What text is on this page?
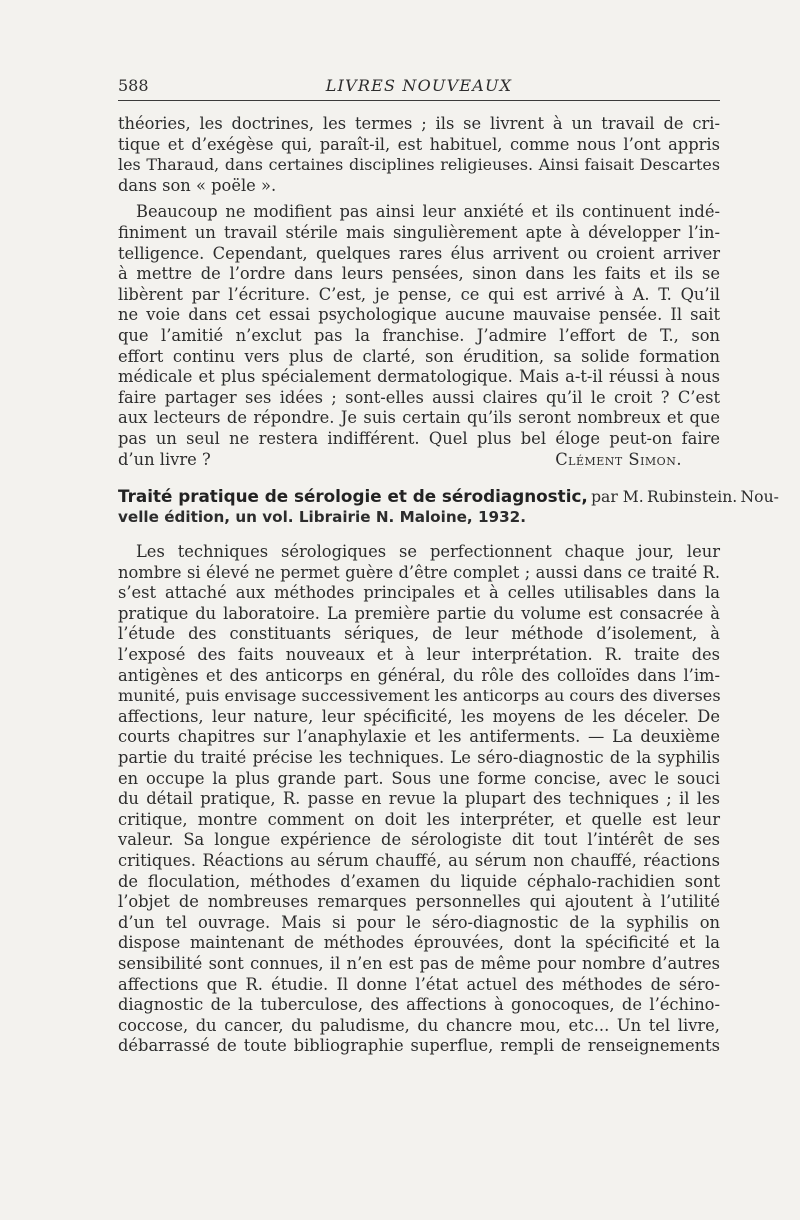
588	LIVRES NOUVEAUX
théories, les doctrines, les termes ; ils se livrent à un travail de cri-
tique et d’exégèse qui, paraît-il, est habituel, comme nous l’ont appris
les Tharaud, dans certaines disciplines religieuses. Ainsi faisait Descartes
dans son « poële ».
Beaucoup ne modifient pas ainsi leur anxiété et ils continuent indé-
finiment un travail stérile mais singulièrement apte à développer l’in-
telligence. Cependant, quelques rares élus arrivent ou croient arriver
à mettre de l’ordre dans leurs pensées, sinon dans les faits et ils se
libèrent par l’écriture. C’est, je pense, ce qui est arrivé à A. T. Qu’il
ne voie dans cet essai psychologique aucune mauvaise pensée. Il sait
que l’amitié n’exclut pas la franchise. J’admire l’effort de T., son
effort continu vers plus de clarté, son érudition, sa solide formation
médicale et plus spécialement dermatologique. Mais a-t-il réussi à nous
faire partager ses idées ; sont-elles aussi claires qu’il le croit ? C’est
aux lecteurs de répondre. Je suis certain qu’ils seront nombreux et que
pas un seul ne restera indifférent. Quel plus bel éloge peut-on faire
d’un livre ?	Clément Simon.
Traité pratique de sérologie et de sérodiagnostic, par M. Rubinstein. Nou-
velle édition, un vol. Librairie N. Maloine, 1932.
Les techniques sérologiques se perfectionnent chaque jour, leur
nombre si élevé ne permet guère d’être complet ; aussi dans ce traité R.
s’est attaché aux méthodes principales et à celles utilisables dans la
pratique du laboratoire. La première partie du volume est consacrée à
l’étude des constituants sériques, de leur méthode d’isolement, à
l’exposé des faits nouveaux et à leur interprétation. R. traite des
antigènes et des anticorps en général, du rôle des colloïdes dans l’im-
munité, puis envisage successivement les anticorps au cours des diverses
affections, leur nature, leur spécificité, les moyens de les déceler. De
courts chapitres sur l’anaphylaxie et les antiferments. — La deuxième
partie du traité précise les techniques. Le séro-diagnostic de la syphilis
en occupe la plus grande part. Sous une forme concise, avec le souci
du détail pratique, R. passe en revue la plupart des techniques ; il les
critique, montre comment on doit les interpréter, et quelle est leur
valeur. Sa longue expérience de sérologiste dit tout l’intérêt de ses
critiques. Réactions au sérum chauffé, au sérum non chauffé, réactions
de floculation, méthodes d’examen du liquide céphalo-rachidien sont
l’objet de nombreuses remarques personnelles qui ajoutent à l’utilité
d’un tel ouvrage. Mais si pour le séro-diagnostic de la syphilis on
dispose maintenant de méthodes éprouvées, dont la spécificité et la
sensibilité sont connues, il n’en est pas de même pour nombre d’autres
affections que R. étudie. Il donne l’état actuel des méthodes de séro-
diagnostic de la tuberculose, des affections à gonocoques, de l’échino-
coccose, du cancer, du paludisme, du chancre mou, etc... Un tel livre,
débarrassé de toute bibliographie superflue, rempli de renseignements
